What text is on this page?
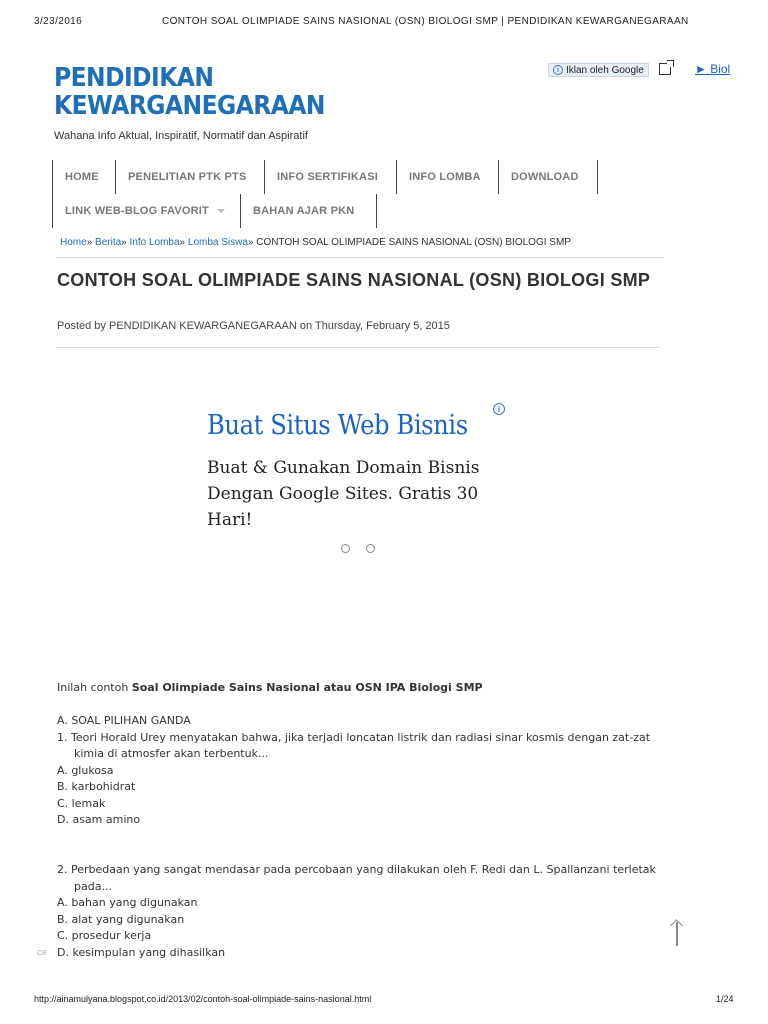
3/23/2016	CONTOH SOAL OLIMPIADE SAINS NASIONAL (OSN) BIOLOGI SMP | PENDIDIKAN KEWARGANEGARAAN
PENDIDIKAN
KEWARGANEGARAAN
Wahana Info Aktual, Inspiratif, Normatif dan Aspiratif
i Iklan oleh Google	► Biol
HOME	PENELITIAN PTK PTS	INFO SERTIFIKASI	INFO LOMBA	DOWNLOAD
LINK WEB-BLOG FAVORIT	BAHAN AJAR PKN
Home» Berita» Info Lomba» Lomba Siswa» CONTOH SOAL OLIMPIADE SAINS NASIONAL (OSN) BIOLOGI SMP
CONTOH SOAL OLIMPIADE SAINS NASIONAL (OSN) BIOLOGI SMP
Posted by PENDIDIKAN KEWARGANEGARAAN on Thursday, February 5, 2015
i
Buat Situs Web Bisnis
Buat & Gunakan Domain Bisnis Dengan Google Sites. Gratis 30 Hari!
Inilah contoh Soal Olimpiade Sains Nasional atau OSN IPA Biologi SMP
A. SOAL PILIHAN GANDA
1. Teori Horald Urey menyatakan bahwa, jika terjadi loncatan listrik dan radiasi sinar kosmis dengan zat-zat
kimia di atmosfer akan terbentuk...
A. glukosa
B. karbohidrat
C. lemak
D. asam amino
2. Perbedaan yang sangat mendasar pada percobaan yang dilakukan oleh F. Redi dan L. Spallanzani terletak
pada...
A. bahan yang digunakan
B. alat yang digunakan
C. prosedur kerja
D. kesimpulan yang dihasilkan
CB
http://ainamulyana.blogspot.co.id/2013/02/contoh-soal-olimpiade-sains-nasional.html	1/24
